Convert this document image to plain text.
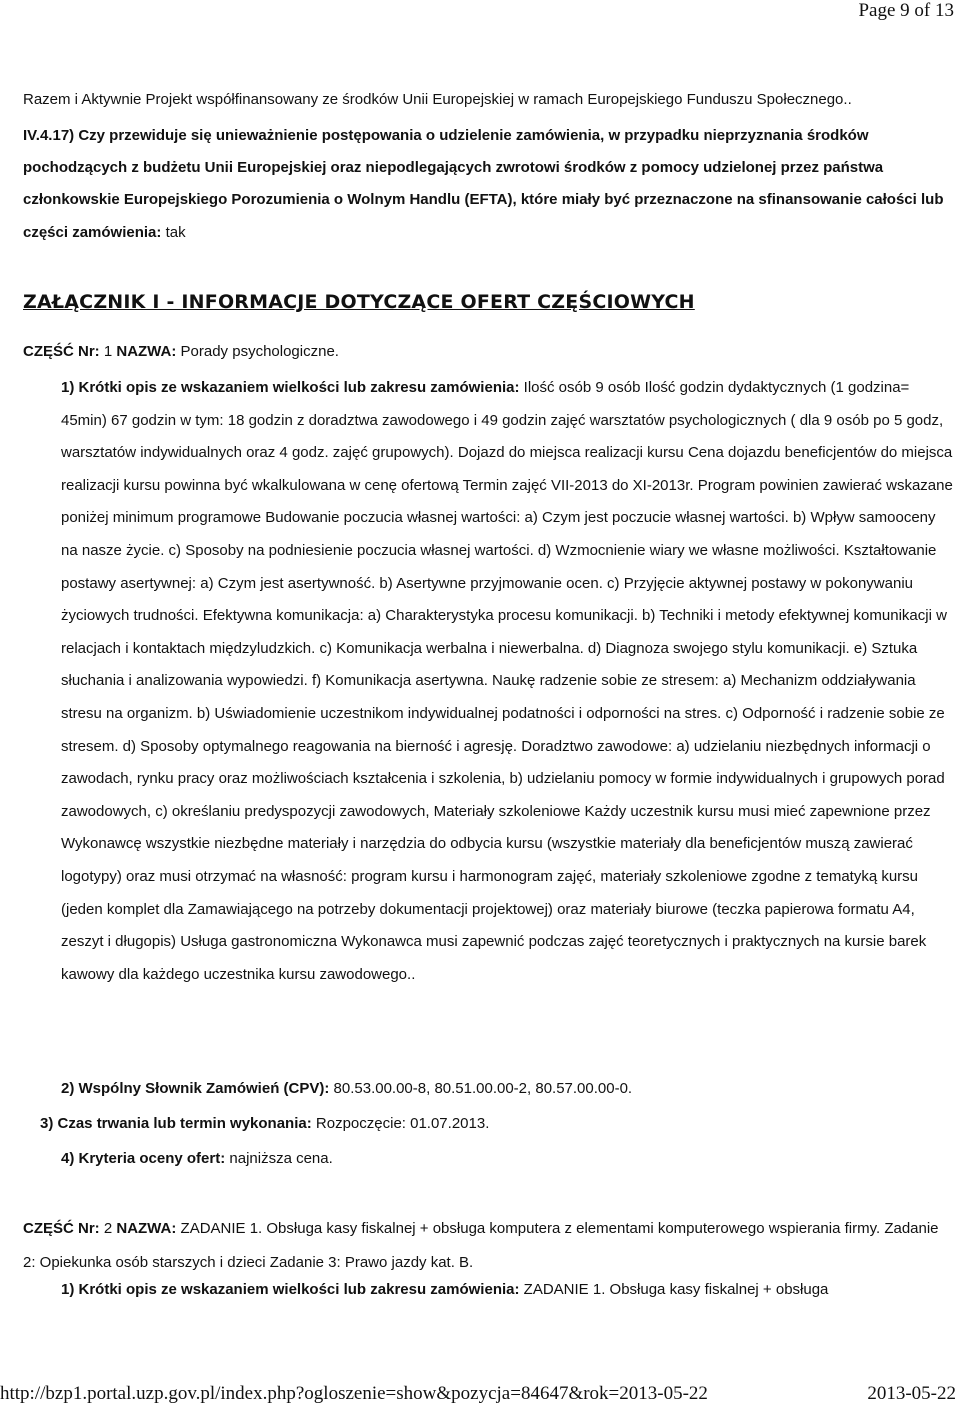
Page 9 of 13

Razem i Aktywnie Projekt współfinansowany ze środków Unii Europejskiej w ramach Europejskiego Funduszu Społecznego..

IV.4.17) Czy przewiduje się unieważnienie postępowania o udzielenie zamówienia, w przypadku nieprzyznania środków pochodzących z budżetu Unii Europejskiej oraz niepodlegających zwrotowi środków z pomocy udzielonej przez państwa członkowskie Europejskiego Porozumienia o Wolnym Handlu (EFTA), które miały być przeznaczone na sfinansowanie całości lub części zamówienia: tak

ZAŁĄCZNIK I - INFORMACJE DOTYCZĄCE OFERT CZĘŚCIOWYCH

CZĘŚĆ Nr: 1 NAZWA: Porady psychologiczne.

1) Krótki opis ze wskazaniem wielkości lub zakresu zamówienia: Ilość osób 9 osób Ilość godzin dydaktycznych (1 godzina= 45min) 67 godzin w tym: 18 godzin z doradztwa zawodowego i 49 godzin zajęć warsztatów psychologicznych ( dla 9 osób po 5 godz, warsztatów indywidualnych oraz 4 godz. zajęć grupowych). Dojazd do miejsca realizacji kursu Cena dojazdu beneficjentów do miejsca realizacji kursu powinna być wkalkulowana w cenę ofertową Termin zajęć VII-2013 do XI-2013r. Program powinien zawierać wskazane poniżej minimum programowe Budowanie poczucia własnej wartości: a) Czym jest poczucie własnej wartości. b) Wpływ samooceny na nasze życie. c) Sposoby na podniesienie poczucia własnej wartości. d) Wzmocnienie wiary we własne możliwości. Kształtowanie postawy asertywnej: a) Czym jest asertywność. b) Asertywne przyjmowanie ocen. c) Przyjęcie aktywnej postawy w pokonywaniu życiowych trudności. Efektywna komunikacja: a) Charakterystyka procesu komunikacji. b) Techniki i metody efektywnej komunikacji w relacjach i kontaktach międzyludzkich. c) Komunikacja werbalna i niewerbalna. d) Diagnoza swojego stylu komunikacji. e) Sztuka słuchania i analizowania wypowiedzi. f) Komunikacja asertywna. Naukę radzenie sobie ze stresem: a) Mechanizm oddziaływania stresu na organizm. b) Uświadomienie uczestnikom indywidualnej podatności i odporności na stres. c) Odporność i radzenie sobie ze stresem. d) Sposoby optymalnego reagowania na bierność i agresję. Doradztwo zawodowe: a) udzielaniu niezbędnych informacji o zawodach, rynku pracy oraz możliwościach kształcenia i szkolenia, b) udzielaniu pomocy w formie indywidualnych i grupowych porad zawodowych, c) określaniu predyspozycji zawodowych, Materiały szkoleniowe Każdy uczestnik kursu musi mieć zapewnione przez Wykonawcę wszystkie niezbędne materiały i narzędzia do odbycia kursu (wszystkie materiały dla beneficjentów muszą zawierać logotypy) oraz musi otrzymać na własność: program kursu i harmonogram zajęć, materiały szkoleniowe zgodne z tematyką kursu (jeden komplet dla Zamawiającego na potrzeby dokumentacji projektowej) oraz materiały biurowe (teczka papierowa formatu A4, zeszyt i długopis) Usługa gastronomiczna Wykonawca musi zapewnić podczas zajęć teoretycznych i praktycznych na kursie barek kawowy dla każdego uczestnika kursu zawodowego..

2) Wspólny Słownik Zamówień (CPV): 80.53.00.00-8, 80.51.00.00-2, 80.57.00.00-0.

3) Czas trwania lub termin wykonania: Rozpoczęcie: 01.07.2013.

4) Kryteria oceny ofert: najniższa cena.

CZĘŚĆ Nr: 2 NAZWA: ZADANIE 1. Obsługa kasy fiskalnej + obsługa komputera z elementami komputerowego wspierania firmy. Zadanie 2: Opiekunka osób starszych i dzieci Zadanie 3: Prawo jazdy kat. B.

1) Krótki opis ze wskazaniem wielkości lub zakresu zamówienia: ZADANIE 1. Obsługa kasy fiskalnej + obsługa

http://bzp1.portal.uzp.gov.pl/index.php?ogloszenie=show&pozycja=84647&rok=2013-05-22	2013-05-22
